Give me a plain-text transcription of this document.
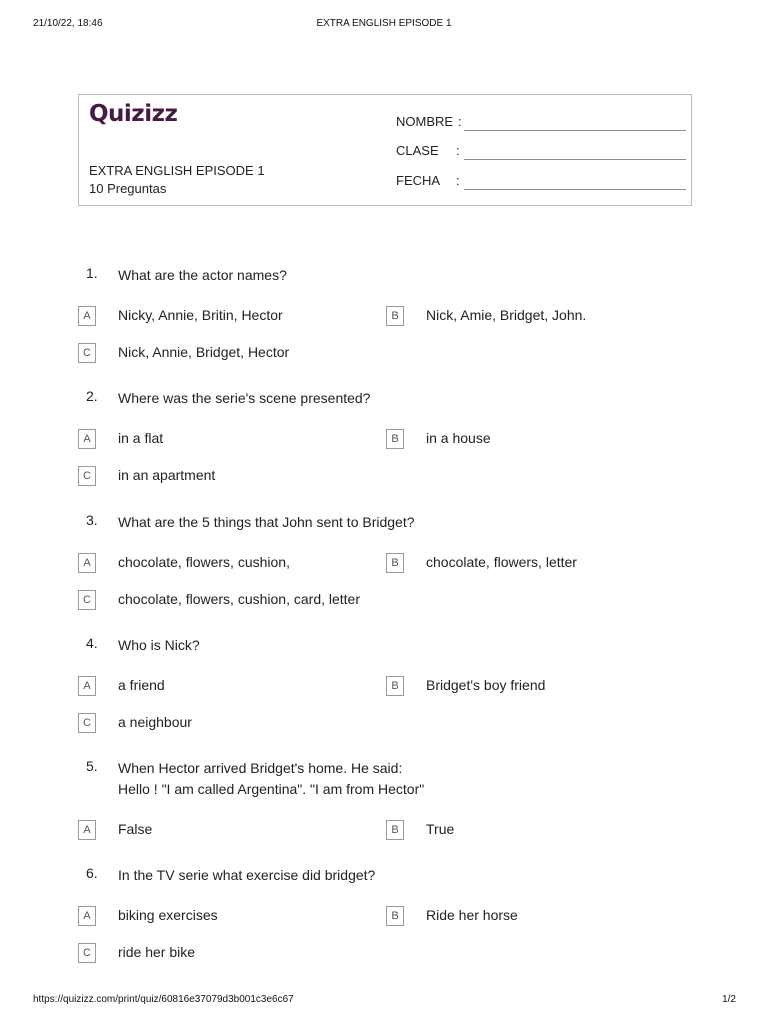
21/10/22, 18:46	EXTRA ENGLISH EPISODE 1
Quizizz
EXTRA ENGLISH EPISODE 1
10 Preguntas
NOMBRE :
CLASE :
FECHA :
1. What are the actor names?
A	Nicky, Annie, Britin, Hector	B	Nick, Amie, Bridget, John.
C	Nick, Annie, Bridget, Hector
2. Where was the serie's scene presented?
A	in a flat	B	in a house
C	in an apartment
3. What are the 5 things that John sent to Bridget?
A	chocolate, flowers, cushion,	B	chocolate, flowers, letter
C	chocolate, flowers, cushion, card, letter
4. Who is Nick?
A	a friend	B	Bridget's boy friend
C	a neighbour
5. When Hector arrived Bridget's home. He said:
Hello ! "I am called Argentina". "I am from Hector"
A	False	B	True
6. In the TV serie what exercise did bridget?
A	biking exercises	B	Ride her horse
C	ride her bike
https://quizizz.com/print/quiz/60816e37079d3b001c3e6c67	1/2
